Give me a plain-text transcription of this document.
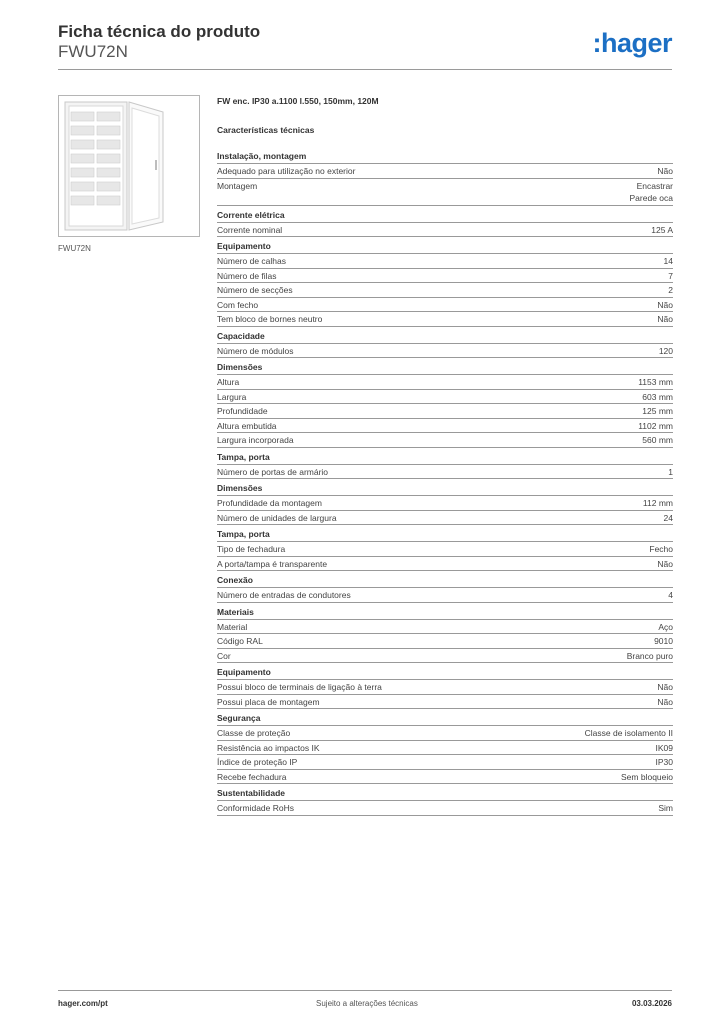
Ficha técnica do produto
FWU72N	:hager
FWU72N
FW enc. IP30 a.1100 l.550, 150mm, 120M
Características técnicas
Instalação, montagem
Adequado para utilização no exterior	Não
Montagem	Encastrar
Parede oca
Corrente elétrica
Corrente nominal	125 A
Equipamento
Número de calhas	14
Número de filas	7
Número de secções	2
Com fecho	Não
Tem bloco de bornes neutro	Não
Capacidade
Número de módulos	120
Dimensões
Altura	1153 mm
Largura	603 mm
Profundidade	125 mm
Altura embutida	1102 mm
Largura incorporada	560 mm
Tampa, porta
Número de portas de armário	1
Dimensões
Profundidade da montagem	112 mm
Número de unidades de largura	24
Tampa, porta
Tipo de fechadura	Fecho
A porta/tampa é transparente	Não
Conexão
Número de entradas de condutores	4
Materiais
Material	Aço
Código RAL	9010
Cor	Branco puro
Equipamento
Possui bloco de terminais de ligação à terra	Não
Possui placa de montagem	Não
Segurança
Classe de proteção	Classe de isolamento II
Resistência ao impactos IK	IK09
Índice de proteção IP	IP30
Recebe fechadura	Sem bloqueio
Sustentabilidade
Conformidade RoHs	Sim
hager.com/pt	Sujeito a alterações técnicas	03.03.2026
